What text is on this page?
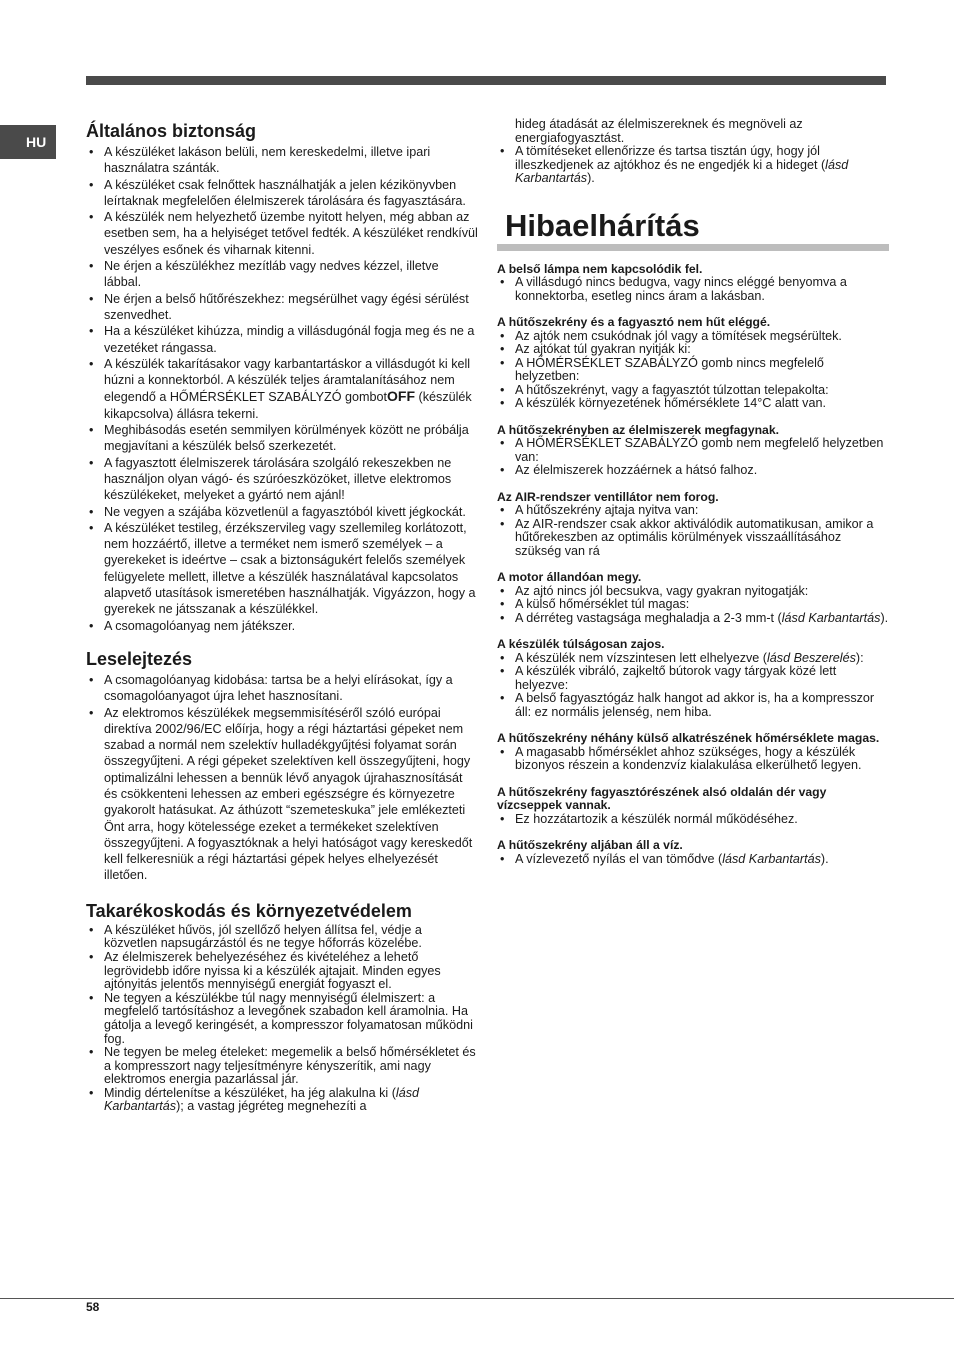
HU
Általános biztonság
• A készüléket lakáson belüli, nem kereskedelmi, illetve ipari használatra szánták.
• A készüléket csak felnőttek használhatják a jelen kézikönyvben leírtaknak megfelelően élelmiszerek tárolására és fagyasztására.
• A készülék nem helyezhető üzembe nyitott helyen, még abban az esetben sem, ha a helyiséget tetővel fedték. A készüléket rendkívül veszélyes esőnek és viharnak kitenni.
• Ne érjen a készülékhez mezítláb vagy nedves kézzel, illetve lábbal.
• Ne érjen a belső hűtőrészekhez: megsérülhet vagy égési sérülést szenvedhet.
• Ha a készüléket kihúzza, mindig a villásdugónál fogja meg és ne a vezetéket rángassa.
• A készülék takarításakor vagy karbantartáskor a villásdugót ki kell húzni a konnektorból. A készülék teljes áramtalanításához nem elegendő a HŐMÉRSÉKLET SZABÁLYZÓ gombotOFF (készülék kikapcsolva) állásra tekerni.
• Meghibásodás esetén semmilyen körülmények között ne próbálja megjavítani a készülék belső szerkezetét.
• A fagyasztott élelmiszerek tárolására szolgáló rekeszekben ne használjon olyan vágó- és szúróeszközöket, illetve elektromos készülékeket, melyeket a gyártó nem ajánl!
• Ne vegyen a szájába közvetlenül a fagyasztóból kivett jégkockát.
• A készüléket testileg, érzékszervileg vagy szellemileg korlátozott, nem hozzáértő, illetve a terméket nem ismerő személyek – a gyerekeket is ideértve – csak a biztonságukért felelős személyek felügyelete mellett, illetve a készülék használatával kapcsolatos alapvető utasítások ismeretében használhatják. Vigyázzon, hogy a gyerekek ne játsszanak a készülékkel.
• A csomagolóanyag nem játékszer.
Leselejtezés
• A csomagolóanyag kidobása: tartsa be a helyi elírásokat, így a csomagolóanyagot újra lehet hasznosítani.
• Az elektromos készülékek megsemmisítéséről szóló európai direktíva 2002/96/EC előírja, hogy a régi háztartási gépeket nem szabad a normál nem szelektív hulladékgyűjtési folyamat során összegyűjteni. A régi gépeket szelektíven kell összegyűjteni, hogy optimalizálni lehessen a bennük lévő anyagok újrahasznosítását és csökkenteni lehessen az emberi egészségre és környezetre gyakorolt hatásukat. Az áthúzott “szemeteskuka” jele emlékezteti Önt arra, hogy kötelessége ezeket a termékeket szelektíven összegyűjteni. A fogyasztóknak a helyi hatóságot vagy kereskedőt kell felkeresniük a régi háztartási gépek helyes elhelyezését illetően.
Takarékoskodás és környezetvédelem
• A készüléket hűvös, jól szellőző helyen állítsa fel, védje a közvetlen napsugárzástól és ne tegye hőforrás közelébe.
• Az élelmiszerek behelyezéséhez és kivételéhez a lehető legrövidebb időre nyissa ki a készülék ajtajait. Minden egyes ajtónyitás jelentős mennyiségű energiát fogyaszt el.
• Ne tegyen a készülékbe túl nagy mennyiségű élelmiszert: a megfelelő tartósításhoz a levegőnek szabadon kell áramolnia. Ha gátolja a levegő keringését, a kompresszor folyamatosan működni fog.
• Ne tegyen be meleg ételeket: megemelik a belső hőmérsékletet és a kompresszort nagy teljesítményre kényszerítik, ami nagy elektromos energia pazarlással jár.
• Mindig dértelenítse a készüléket, ha jég alakulna ki (lásd Karbantartás); a vastag jégréteg megnehezíti a
hideg átadását az élelmiszereknek és megnöveli az energiafogyasztást.
• A tömítéseket ellenőrizze és tartsa tisztán úgy, hogy jól illeszkedjenek az ajtókhoz és ne engedjék ki a hideget (lásd Karbantartás).
Hibaelhárítás
A belső lámpa nem kapcsolódik fel.
• A villásdugó nincs bedugva, vagy nincs eléggé benyomva a konnektorba, esetleg nincs áram a lakásban.
A hűtőszekrény és a fagyasztó nem hűt eléggé.
• Az ajtók nem csukódnak jól vagy a tömítések megsérültek.
• Az ajtókat túl gyakran nyitják ki:
• A HŐMÉRSÉKLET SZABÁLYZÓ gomb nincs megfelelő helyzetben:
• A hűtőszekrényt, vagy a fagyasztót túlzottan telepakolta:
• A készülék környezetének hőmérséklete 14°C alatt van.
A hűtőszekrényben az élelmiszerek megfagynak.
• A HŐMÉRSÉKLET SZABÁLYZÓ gomb nem megfelelő helyzetben van:
• Az élelmiszerek hozzáérnek a hátsó falhoz.
Az AIR-rendszer ventillátor nem forog.
• A hűtőszekrény ajtaja nyitva van:
• Az AIR-rendszer csak akkor aktiválódik automatikusan, amikor a hűtőrekeszben az optimális körülmények visszaállításához szükség van rá
A motor állandóan megy.
• Az ajtó nincs jól becsukva, vagy gyakran nyitogatják:
• A külső hőmérséklet túl magas:
• A dérréteg vastagsága meghaladja a 2-3 mm-t (lásd Karbantartás).
A készülék túlságosan zajos.
• A készülék nem vízszintesen lett elhelyezve (lásd Beszerelés):
• A készülék vibráló, zajkeltő bútorok vagy tárgyak közé lett helyezve:
• A belső fagyasztógáz halk hangot ad akkor is, ha a kompresszor áll: ez normális jelenség, nem hiba.
A hűtőszekrény néhány külső alkatrészének hőmérséklete magas.
• A magasabb hőmérséklet ahhoz szükséges, hogy a készülék bizonyos részein a kondenzvíz kialakulása elkerülhető legyen.
A hűtőszekrény fagyasztórészének alsó oldalán dér vagy vízcseppek vannak.
• Ez hozzátartozik a készülék normál működéséhez.
A hűtőszekrény aljában áll a víz.
• A vízlevezető nyílás el van tömődve (lásd Karbantartás).
58
